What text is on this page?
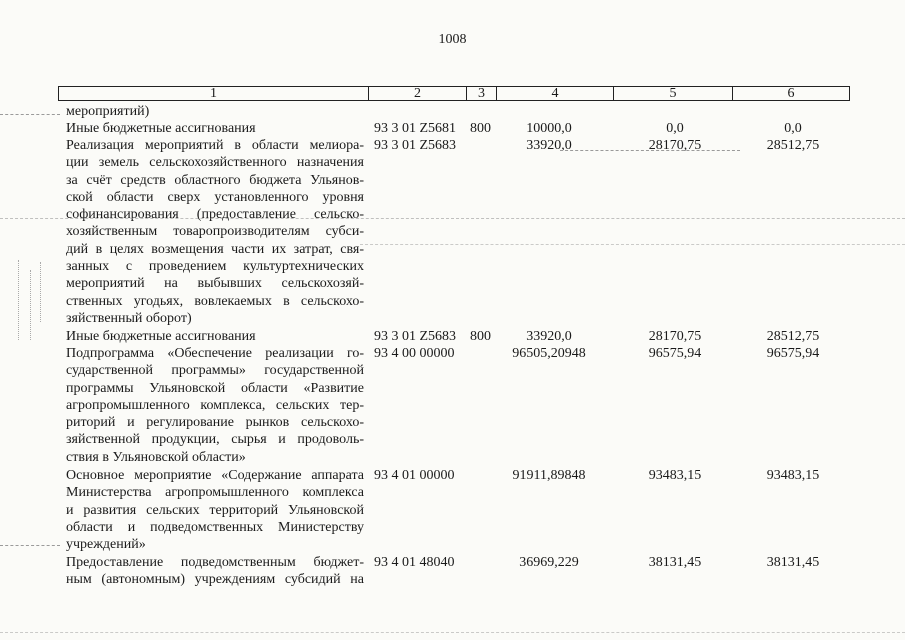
1008
1	2	3	4	5	6
мероприятий)
Иные бюджетные ассигнования	93 3 01 Z5681 800	10000,0	0,0	0,0
Реализация мероприятий в области мелиора-
ции земель сельскохозяйственного назначения
за счёт средств областного бюджета Ульянов-
ской области сверх установленного уровня
софинансирования (предоставление сельско-
хозяйственным товаропроизводителям субси-
дий в целях возмещения части их затрат, свя-
занных с проведением культуртехнических
мероприятий на выбывших сельскохозяй-
ственных угодьях, вовлекаемых в сельскохо-
зяйственный оборот)
93 3 01 Z5683	33920,0	28170,75	28512,75
Иные бюджетные ассигнования	93 3 01 Z5683 800	33920,0	28170,75	28512,75
Подпрограмма «Обеспечение реализации го-
сударственной программы» государственной
программы Ульяновской области «Развитие
агропромышленного комплекса, сельских тер-
риторий и регулирование рынков сельскохо-
зяйственной продукции, сырья и продоволь-
ствия в Ульяновской области»
93 4 00 00000	96505,20948	96575,94	96575,94
Основное мероприятие «Содержание аппарата
Министерства агропромышленного комплекса
и развития сельских территорий Ульяновской
области и подведомственных Министерству
учреждений»
93 4 01 00000	91911,89848	93483,15	93483,15
Предоставление подведомственным бюджет-
ным (автономным) учреждениям субсидий на
93 4 01 48040	36969,229	38131,45	38131,45
